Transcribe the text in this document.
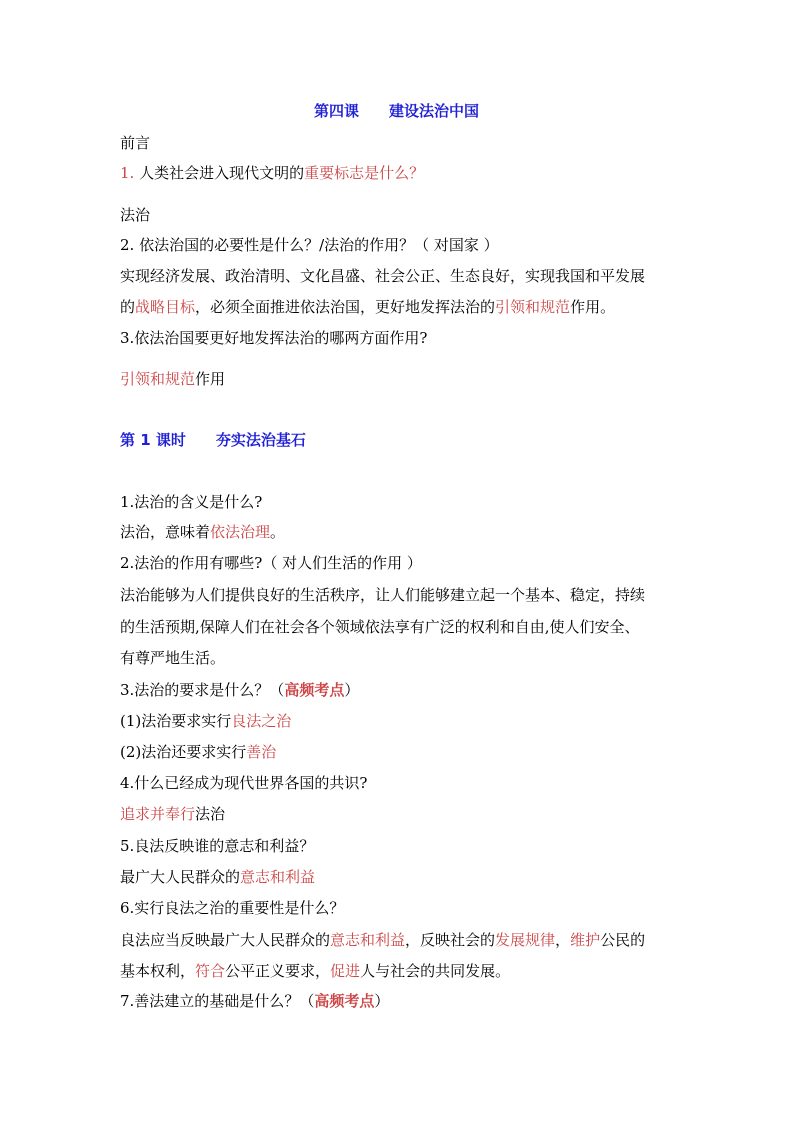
第四课　　建设法治中国
前言
1. 人类社会进入现代文明的重要标志是什么？
法治
2. 依法治国的必要性是什么？/法治的作用？（ 对国家 ）
实现经济发展、政治清明、文化昌盛、社会公正、生态良好，实现我国和平发展
的战略目标，必须全面推进依法治国，更好地发挥法治的引领和规范作用。
3.依法治国要更好地发挥法治的哪两方面作用?
引领和规范作用
第 1 课时　　夯实法治基石
1.法治的含义是什么?
法治，意味着依法治理。
2.法治的作用有哪些?（ 对人们生活的作用 ）
法治能够为人们提供良好的生活秩序，让人们能够建立起一个基本、稳定，持续
的生活预期,保障人们在社会各个领域依法享有广泛的权利和自由,使人们安全、
有尊严地生活。
3.法治的要求是什么？（高频考点）
(1)法治要求实行良法之治
(2)法治还要求实行善治
4.什么已经成为现代世界各国的共识?
追求并奉行法治
5.良法反映谁的意志和利益？
最广大人民群众的意志和利益
6.实行良法之治的重要性是什么？
良法应当反映最广大人民群众的意志和利益，反映社会的发展规律，维护公民的
基本权利，符合公平正义要求，促进人与社会的共同发展。
7.善法建立的基础是什么？（高频考点）
